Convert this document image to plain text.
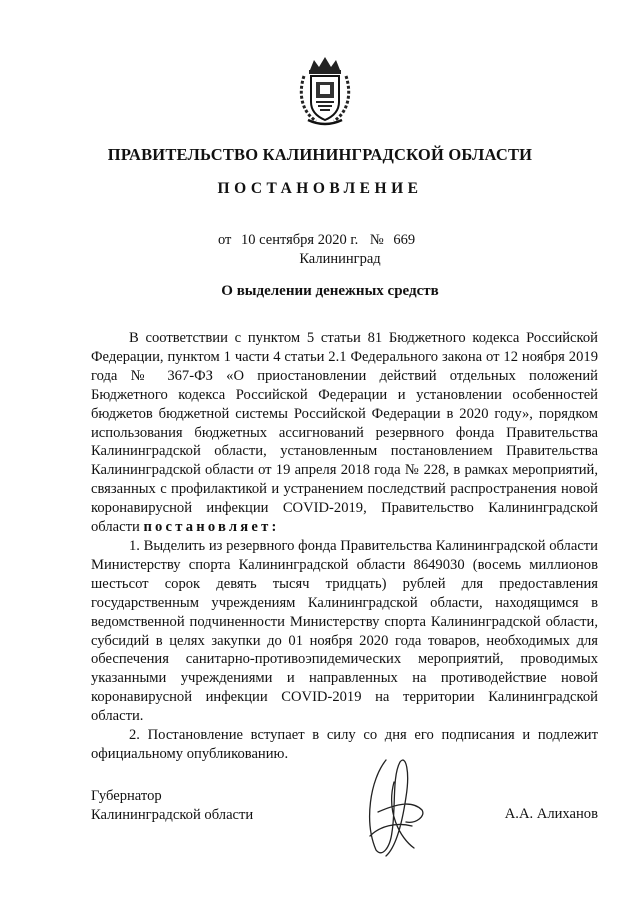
ПРАВИТЕЛЬСТВО КАЛИНИНГРАДСКОЙ ОБЛАСТИ
ПОСТАНОВЛЕНИЕ
от 10 сентября 2020 г. № 669
Калининград
О выделении денежных средств

В соответствии с пунктом 5 статьи 81 Бюджетного кодекса Российской Федерации, пунктом 1 части 4 статьи 2.1 Федерального закона от 12 ноября 2019 года № 367-ФЗ «О приостановлении действий отдельных положений Бюджетного кодекса Российской Федерации и установлении особенностей бюджетов бюджетной системы Российской Федерации в 2020 году», порядком использования бюджетных ассигнований резервного фонда Правительства Калининградской области, установленным постановлением Правительства Калининградской области от 19 апреля 2018 года № 228, в рамках мероприятий, связанных с профилактикой и устранением последствий распространения новой коронавирусной инфекции COVID-2019, Правительство Калининградской области постановляет:

1. Выделить из резервного фонда Правительства Калининградской области Министерству спорта Калининградской области 8649030 (восемь миллионов шестьсот сорок девять тысяч тридцать) рублей для предоставления государственным учреждениям Калининградской области, находящимся в ведомственной подчиненности Министерству спорта Калининградской области, субсидий в целях закупки до 01 ноября 2020 года товаров, необходимых для обеспечения санитарно-противоэпидемических мероприятий, проводимых указанными учреждениями и направленных на противодействие новой коронавирусной инфекции COVID-2019 на территории Калининградской области.

2. Постановление вступает в силу со дня его подписания и подлежит официальному опубликованию.

Губернатор
Калининградской области	А.А. Алиханов
